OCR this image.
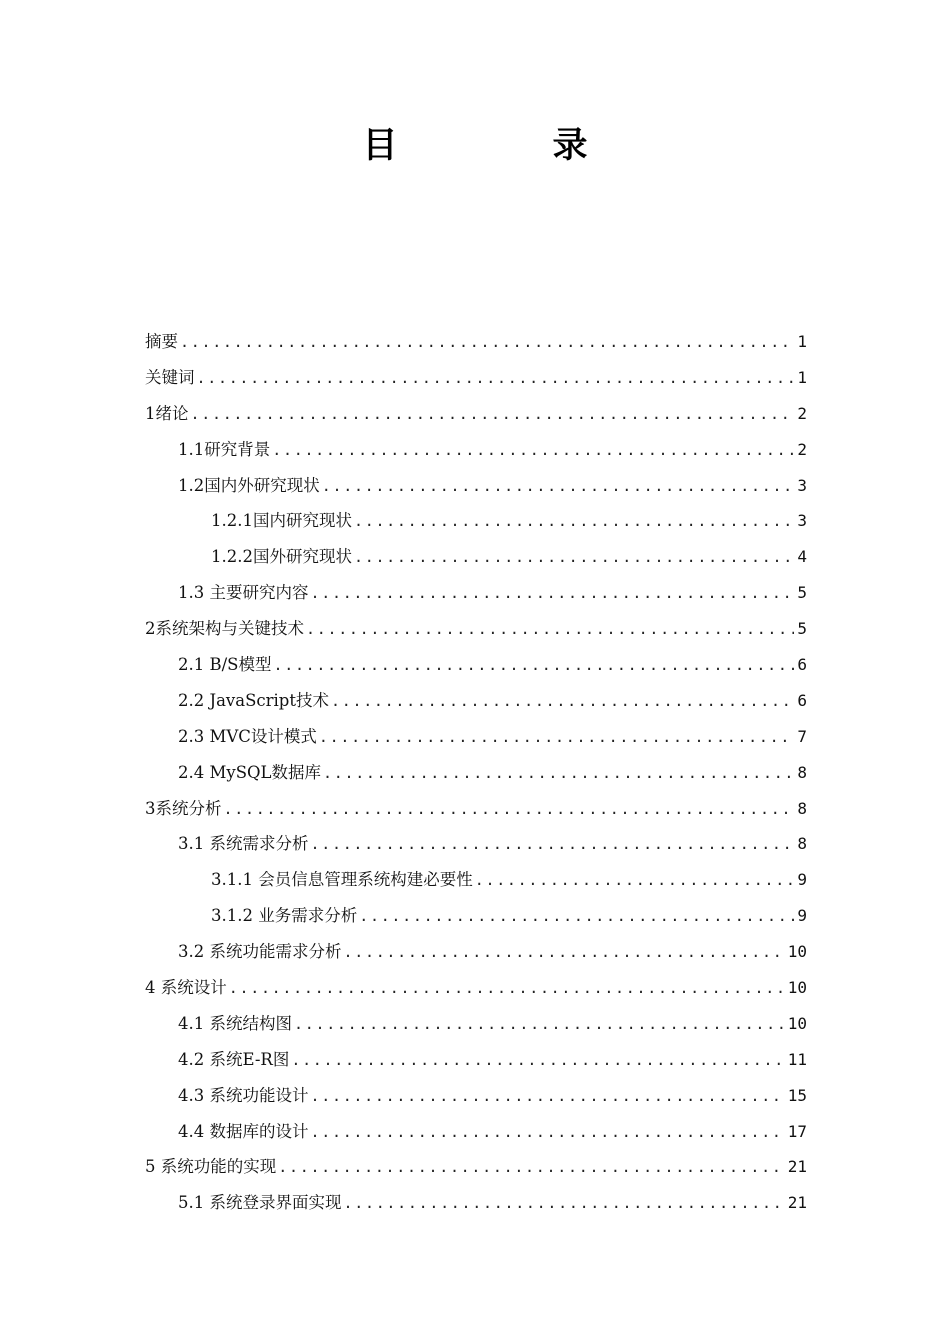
目　录
摘要 .....	1
关键词 .....	1
1绪论 .....	2
1.1研究背景 .....	2
1.2国内外研究现状 .....	3
1.2.1国内研究现状 .....	3
1.2.2国外研究现状 .....	4
1.3 主要研究内容 .....	5
2系统架构与关键技术 .....	5
2.1 B/S模型 .....	6
2.2 JavaScript技术 .....	6
2.3 MVC设计模式 .....	7
2.4 MySQL数据库 .....	8
3系统分析 .....	8
3.1 系统需求分析 .....	8
3.1.1 会员信息管理系统构建必要性 .....	9
3.1.2 业务需求分析 .....	9
3.2 系统功能需求分析 .....	10
4 系统设计 .....	10
4.1 系统结构图 .....	10
4.2 系统E-R图 .....	11
4.3 系统功能设计 .....	15
4.4 数据库的设计 .....	17
5 系统功能的实现 .....	21
5.1 系统登录界面实现 .....	21
